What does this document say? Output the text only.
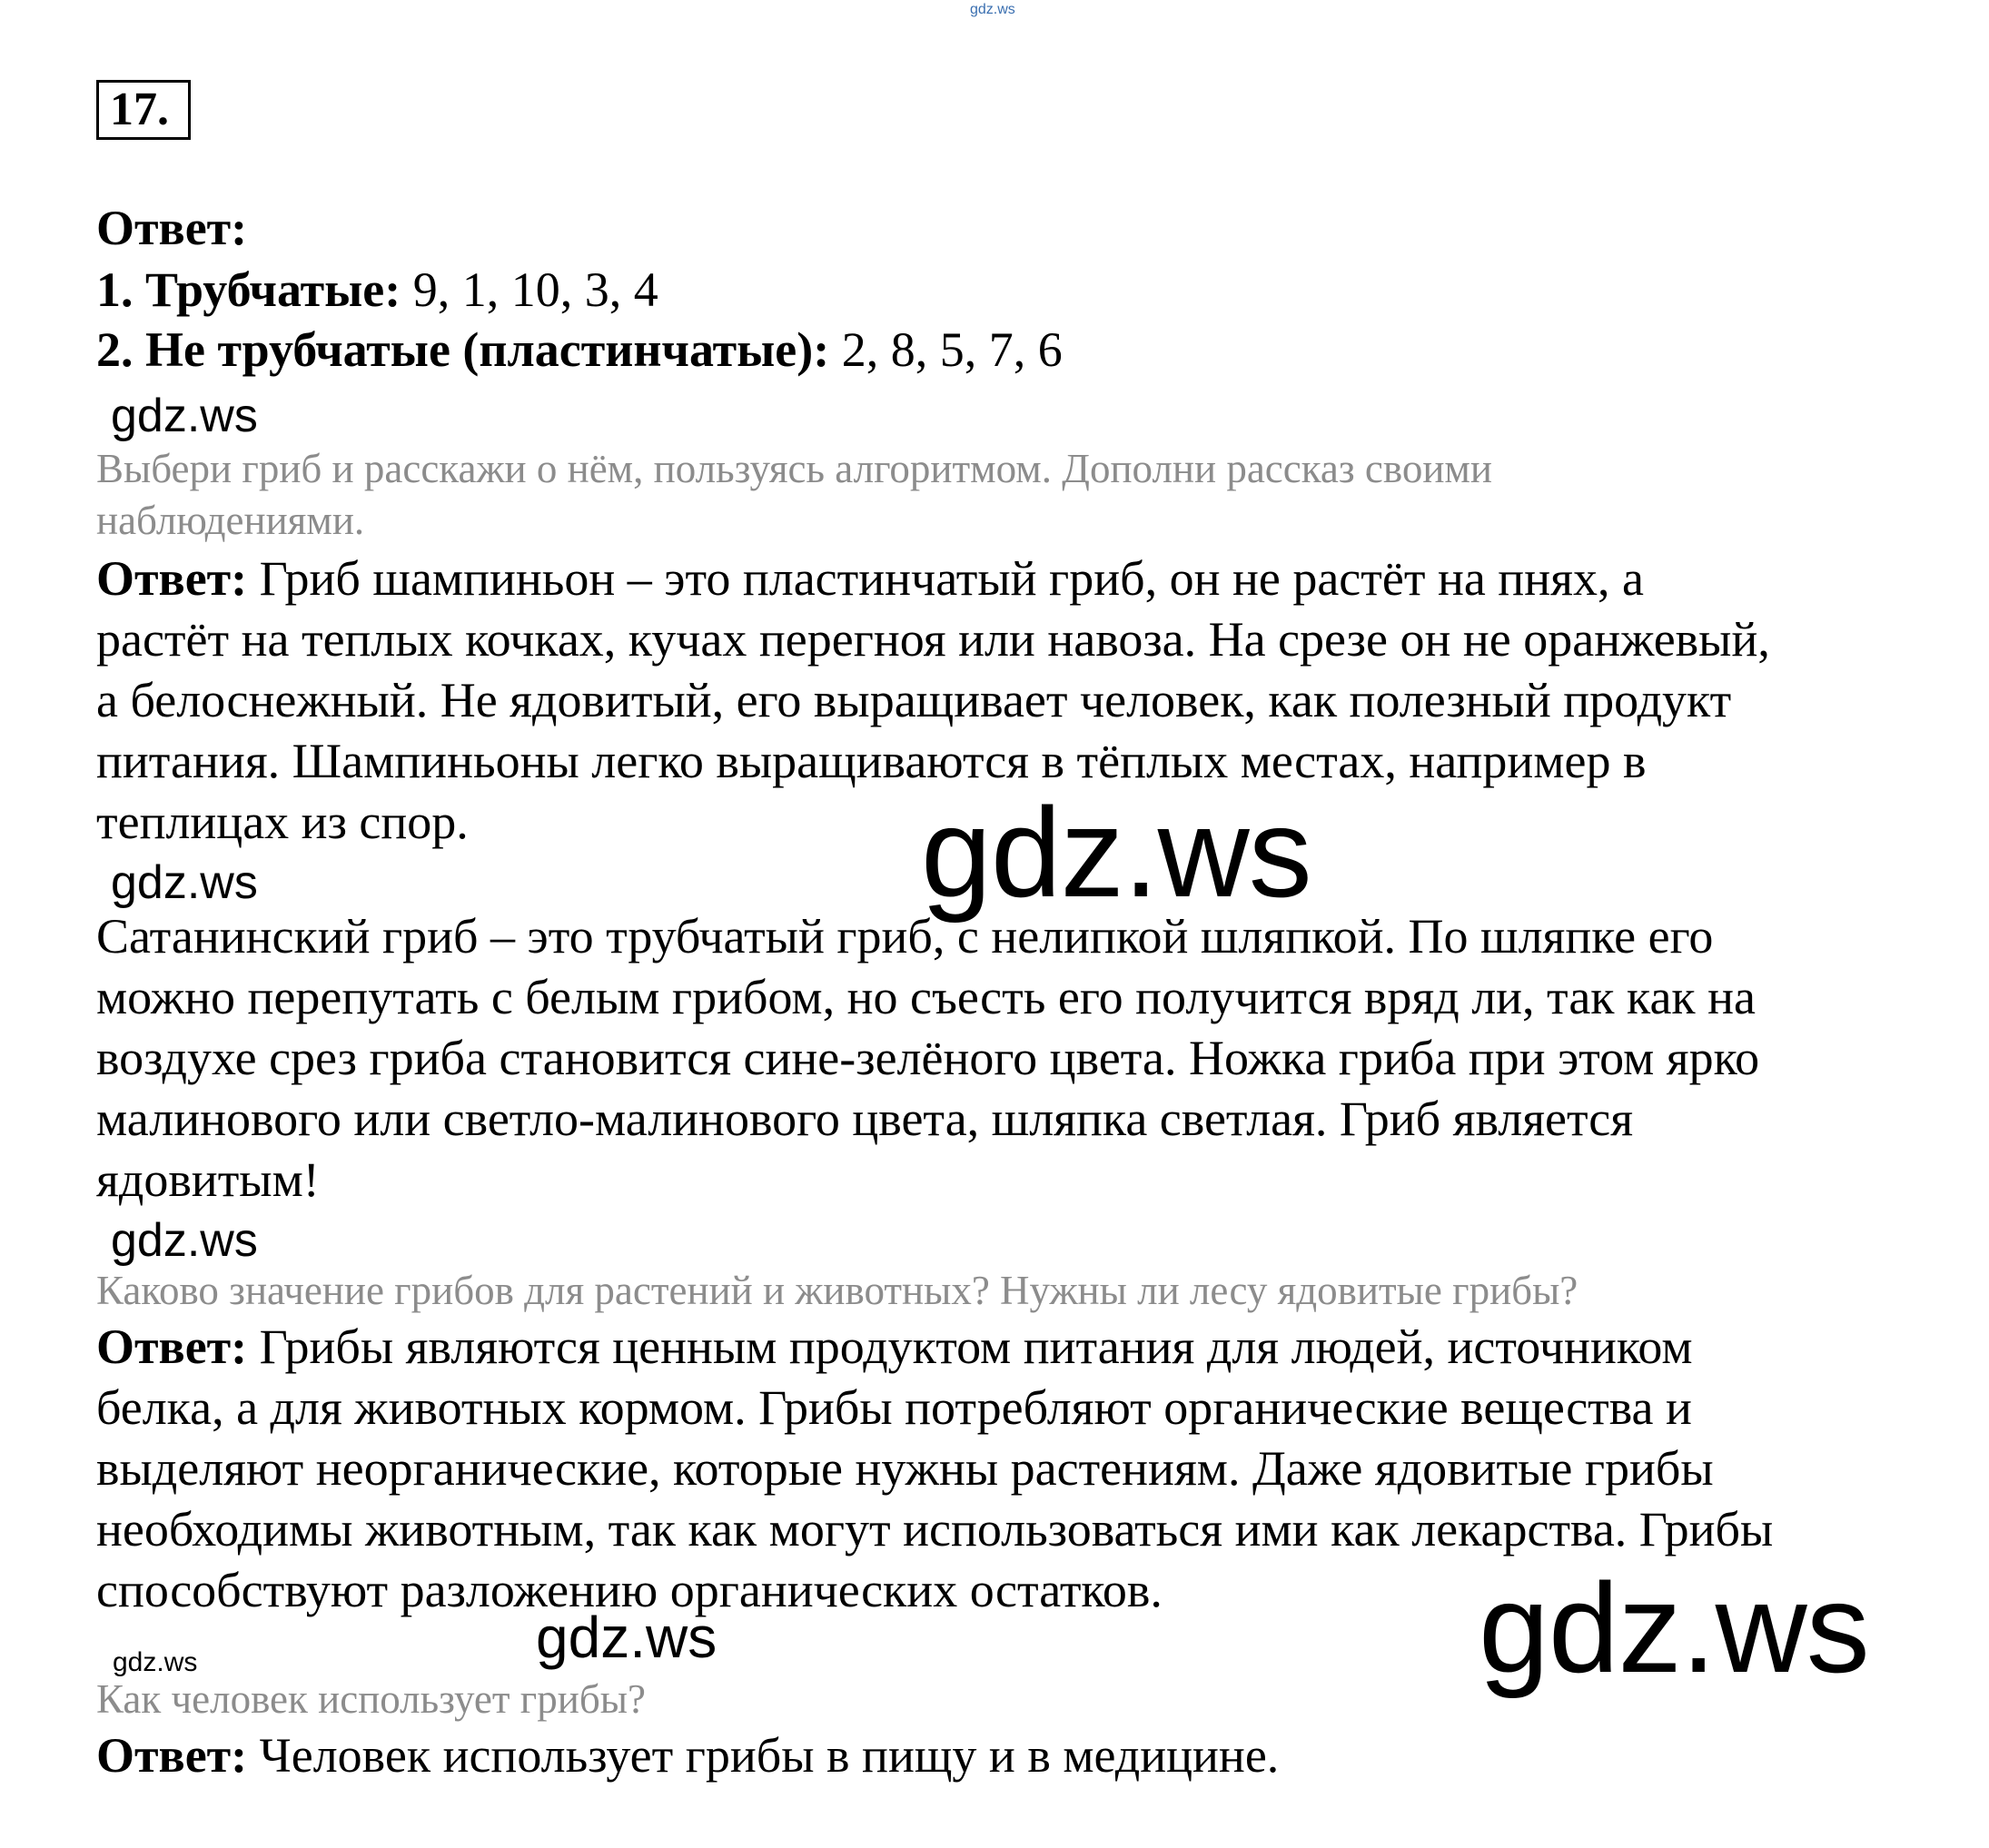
gdz.ws
17.
Ответ:
1. Трубчатые: 9, 1, 10, 3, 4
2. Не трубчатые (пластинчатые): 2, 8, 5, 7, 6
gdz.ws
Выбери гриб и расскажи о нём, пользуясь алгоритмом. Дополни рассказ своими
наблюдениями.
Ответ: Гриб шампиньон – это пластинчатый гриб, он не растёт на пнях, а
растёт на теплых кочках, кучах перегноя или навоза. На срезе он не оранжевый,
а белоснежный. Не ядовитый, его выращивает человек, как полезный продукт
питания. Шампиньоны легко выращиваются в тёплых местах, например в
теплицах из спор.	gdz.ws
gdz.ws
Сатанинский гриб – это трубчатый гриб, с нелипкой шляпкой. По шляпке его
можно перепутать с белым грибом, но съесть его получится вряд ли, так как на
воздухе срез гриба становится сине-зелёного цвета. Ножка гриба при этом ярко
малинового или светло-малинового цвета, шляпка светлая. Гриб является
ядовитым!
gdz.ws
Каково значение грибов для растений и животных? Нужны ли лесу ядовитые грибы?
Ответ: Грибы являются ценным продуктом питания для людей, источником
белка, а для животных кормом. Грибы потребляют органические вещества и
выделяют неорганические, которые нужны растениям. Даже ядовитые грибы
необходимы животным, так как могут использоваться ими как лекарства. Грибы
способствуют разложению органических остатков. gdz.ws
gdz.ws
gdz.ws
Как человек использует грибы?
Ответ: Человек использует грибы в пищу и в медицине.
